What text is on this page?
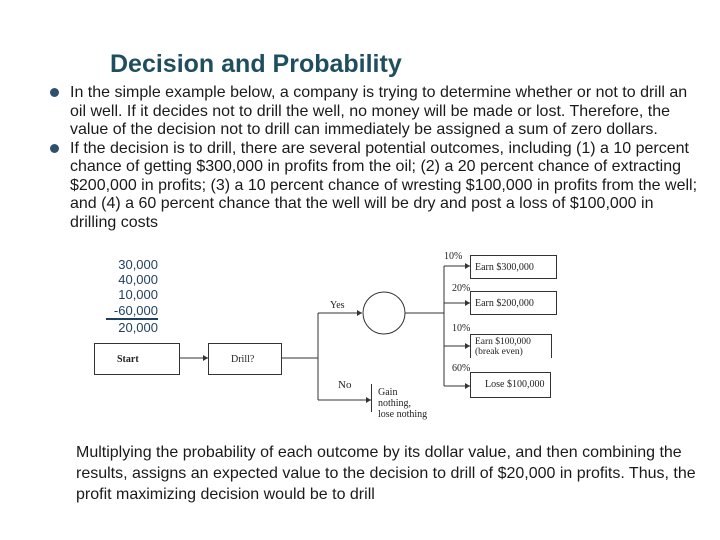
Decision and Probability
In the simple example below, a company is trying to determine whether or not to drill an oil well. If it decides not to drill the well, no money will be made or lost. Therefore, the value of the decision not to drill can immediately be assigned a sum of zero dollars.
If the decision is to drill, there are several potential outcomes, including (1) a 10 percent chance of getting $300,000 in profits from the oil; (2) a 20 percent chance of extracting $200,000 in profits; (3) a 10 percent chance of wresting $100,000 in profits from the well; and (4) a 60 percent chance that the well will be dry and post a loss of $100,000 in drilling costs
30,000
40,000
10,000
-60,000
20,000
Start	Drill?
Yes
No
Gain nothing,
lose nothing
10%
Earn $300,000
20%
Earn $200,000
10%
Earn $100,000
(break even)
60%
Lose $100,000
Multiplying the probability of each outcome by its dollar value, and then combining the results, assigns an expected value to the decision to drill of $20,000 in profits. Thus, the profit maximizing decision would be to drill
